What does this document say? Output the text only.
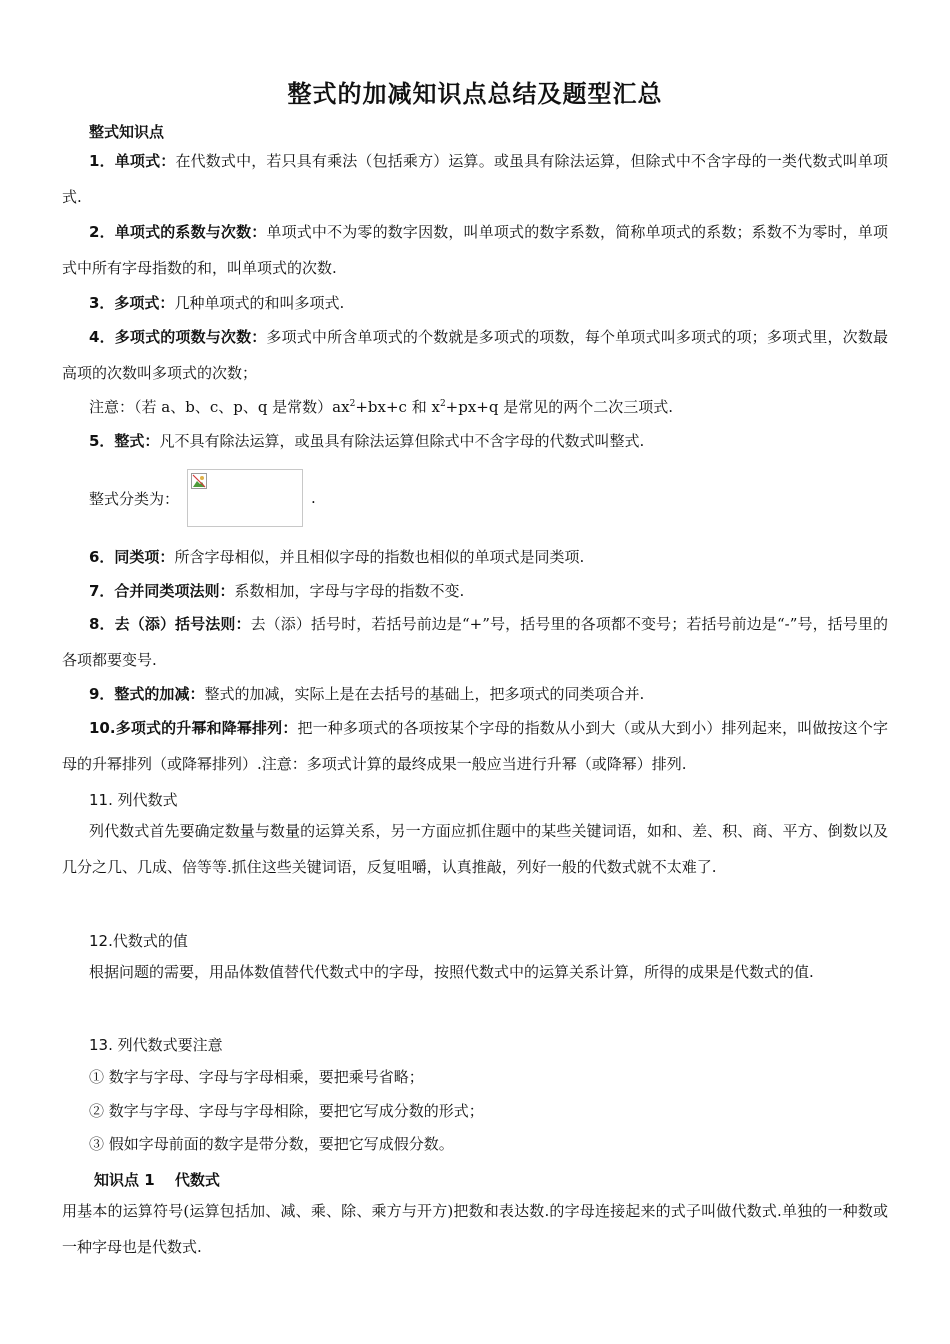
整式的加减知识点总结及题型汇总
整式知识点
1．单项式：在代数式中，若只具有乘法（包括乘方）运算。或虽具有除法运算，但除式中不含字母的一类代数式叫单项式.
2．单项式的系数与次数：单项式中不为零的数字因数，叫单项式的数字系数，简称单项式的系数；系数不为零时，单项式中所有字母指数的和，叫单项式的次数.
3．多项式：几种单项式的和叫多项式.
4．多项式的项数与次数：多项式中所含单项式的个数就是多项式的项数，每个单项式叫多项式的项；多项式里，次数最高项的次数叫多项式的次数；
注意：（若 a、b、c、p、q 是常数）$ax^2+bx+c$ 和 $x^2+px+q$ 是常见的两个二次三项式.
5．整式：凡不具有除法运算，或虽具有除法运算但除式中不含字母的代数式叫整式.
整式分类为：	.
6．同类项：所含字母相似，并且相似字母的指数也相似的单项式是同类项.
7．合并同类项法则：系数相加，字母与字母的指数不变.
8．去（添）括号法则：去（添）括号时，若括号前边是“+”号，括号里的各项都不变号；若括号前边是“-”号，括号里的各项都要变号.
9．整式的加减：整式的加减，实际上是在去括号的基础上，把多项式的同类项合并.
10.多项式的升幂和降幂排列：把一种多项式的各项按某个字母的指数从小到大（或从大到小）排列起来，叫做按这个字母的升幂排列（或降幂排列）.注意：多项式计算的最终成果一般应当进行升幂（或降幂）排列.
11. 列代数式
列代数式首先要确定数量与数量的运算关系，另一方面应抓住题中的某些关键词语，如和、差、积、商、平方、倒数以及几分之几、几成、倍等等.抓住这些关键词语，反复咀嚼，认真推敲，列好一般的代数式就不太难了.
12.代数式的值
根据问题的需要，用品体数值替代代数式中的字母，按照代数式中的运算关系计算，所得的成果是代数式的值.
13. 列代数式要注意
① 数字与字母、字母与字母相乘，要把乘号省略；
② 数字与字母、字母与字母相除，要把它写成分数的形式；
③ 假如字母前面的数字是带分数，要把它写成假分数。
知识点 1　 代数式
用基本的运算符号(运算包括加、减、乘、除、乘方与开方)把数和表达数.的字母连接起来的式子叫做代数式.单独的一种数或一种字母也是代数式.
